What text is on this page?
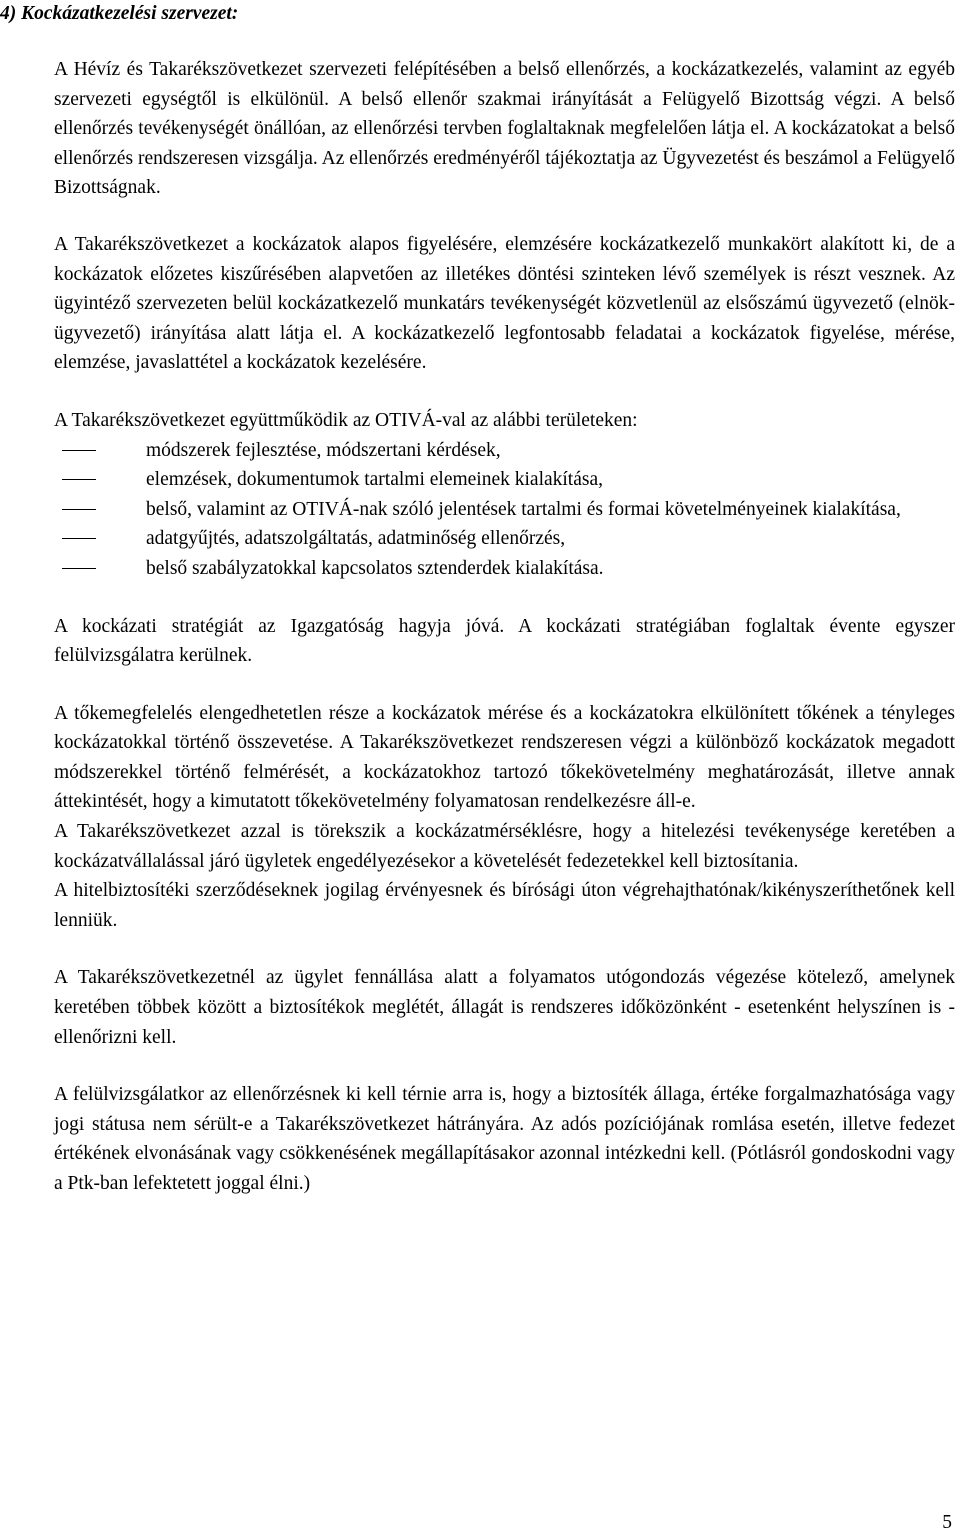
4) Kockázatkezelési szervezet:

A Hévíz és Takarékszövetkezet szervezeti felépítésében a belső ellenőrzés, a kockázatkezelés, valamint az egyéb szervezeti egységtől is elkülönül. A belső ellenőr szakmai irányítását a Felügyelő Bizottság végzi. A belső ellenőrzés tevékenységét önállóan, az ellenőrzési tervben foglaltaknak megfelelően látja el. A kockázatokat a belső ellenőrzés rendszeresen vizsgálja. Az ellenőrzés eredményéről tájékoztatja az Ügyvezetést és beszámol a Felügyelő Bizottságnak.

A Takarékszövetkezet a kockázatok alapos figyelésére, elemzésére kockázatkezelő munkakört alakított ki, de a kockázatok előzetes kiszűrésében alapvetően az illetékes döntési szinteken lévő személyek is részt vesznek. Az ügyintéző szervezeten belül kockázatkezelő munkatárs tevékenységét közvetlenül az elsőszámú ügyvezető (elnök-ügyvezető) irányítása alatt látja el. A kockázatkezelő legfontosabb feladatai a kockázatok figyelése, mérése, elemzése, javaslattétel a kockázatok kezelésére.

A Takarékszövetkezet együttműködik az OTIVÁ-val az alábbi területeken:

módszerek fejlesztése, módszertani kérdések,
elemzések, dokumentumok tartalmi elemeinek kialakítása,
belső, valamint az OTIVÁ-nak szóló jelentések tartalmi és formai követelményeinek kialakítása,
adatgyűjtés, adatszolgáltatás, adatminőség ellenőrzés,
belső szabályzatokkal kapcsolatos sztenderdek kialakítása.

A kockázati stratégiát az Igazgatóság hagyja jóvá. A kockázati stratégiában foglaltak évente egyszer felülvizsgálatra kerülnek.

A tőkemegfelelés elengedhetetlen része a kockázatok mérése és a kockázatokra elkülönített tőkének a tényleges kockázatokkal történő összevetése. A Takarékszövetkezet rendszeresen végzi a különböző kockázatok megadott módszerekkel történő felmérését, a kockázatokhoz tartozó tőkekövetelmény meghatározását, illetve annak áttekintését, hogy a kimutatott tőkekövetelmény folyamatosan rendelkezésre áll-e.

A Takarékszövetkezet azzal is törekszik a kockázatmérséklésre, hogy a hitelezési tevékenysége keretében a kockázatvállalással járó ügyletek engedélyezésekor a követelését fedezetekkel kell biztosítania.

A hitelbiztosítéki szerződéseknek jogilag érvényesnek és bírósági úton végrehajthatónak/kikényszeríthetőnek kell lenniük.

A Takarékszövetkezetnél az ügylet fennállása alatt a folyamatos utógondozás végezése kötelező, amelynek keretében többek között a biztosítékok meglétét, állagát is rendszeres időközönként - esetenként helyszínen is - ellenőrizni kell.

A felülvizsgálatkor az ellenőrzésnek ki kell térnie arra is, hogy a biztosíték állaga, értéke forgalmazhatósága vagy jogi státusa nem sérült-e a Takarékszövetkezet hátrányára. Az adós pozíciójának romlása esetén, illetve fedezet értékének elvonásának vagy csökkenésének megállapításakor azonnal intézkedni kell. (Pótlásról gondoskodni vagy a Ptk-ban lefektetett joggal élni.)

5
